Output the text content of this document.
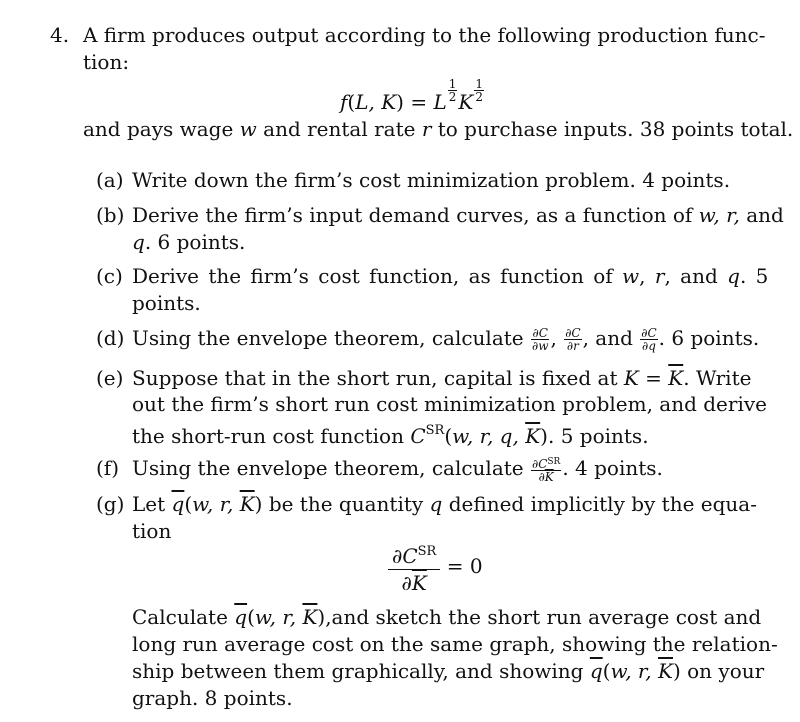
4. A firm produces output according to the following production func-
tion:
f(L, K) = L $\frac{1}{2}$ K $\frac{1}{2}$
and pays wage w and rental rate r to purchase inputs. 38 points total.
(a) Write down the firm’s cost minimization problem. 4 points.
(b) Derive the firm’s input demand curves, as a function of w, r, and
q. 6 points.
(c) Derive the firm’s cost function, as function of w, r, and q. 5
points.
(d) Using the envelope theorem, calculate $\frac{\partial C}{\partial w}$ , $\frac{\partial C}{\partial r}$ , and $\frac{\partial C}{\partial q}$ . 6 points.
(e) Suppose that in the short run, capital is fixed at $K = \overline{K}$. Write
out the firm’s short run cost minimization problem, and derive
the short-run cost function $C^{SR}(w$, r, q, $\overline{K}$). 5 points.
(f) Using the envelope theorem, calculate $\frac{\partial C^{SR}}{\partial\overline{K}}$ . 4 points.
(g) Let $\overline{q}(w$, r, $\overline{K}$) be the quantity q defined implicitly by the equa-
tion
$\frac{\partial C^{SR}}{\partial\overline{K}} = 0$
Calculate $\overline{q}(w$, r, $\overline{K}),and$ sketch the short run average cost and
long run average cost on the same graph, showing the relation-
ship between them graphically, and showing $\overline{q}(w$, r, $\overline{K}$) on your
graph. 8 points.
